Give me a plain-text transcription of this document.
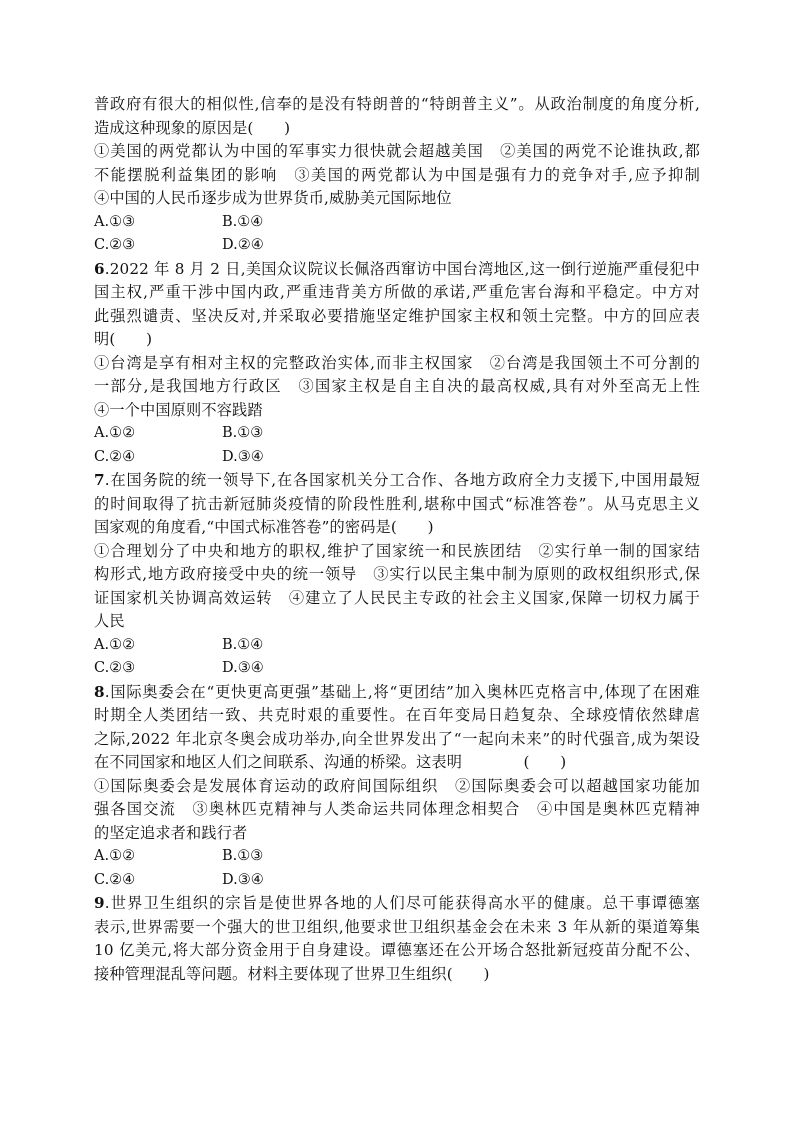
普政府有很大的相似性,信奉的是没有特朗普的“特朗普主义”。从政治制度的角度分析,
造成这种现象的原因是(　　)
①美国的两党都认为中国的军事实力很快就会超越美国　②美国的两党不论谁执政,都
不能摆脱利益集团的影响　③美国的两党都认为中国是强有力的竞争对手,应予抑制
④中国的人民币逐步成为世界货币,威胁美元国际地位
A.①③	B.①④
C.②③	D.②④
6.2022 年 8 月 2 日,美国众议院议长佩洛西窜访中国台湾地区,这一倒行逆施严重侵犯中
国主权,严重干涉中国内政,严重违背美方所做的承诺,严重危害台海和平稳定。中方对
此强烈谴责、坚决反对,并采取必要措施坚定维护国家主权和领土完整。中方的回应表
明(　　)
①台湾是享有相对主权的完整政治实体,而非主权国家　②台湾是我国领土不可分割的
一部分,是我国地方行政区　③国家主权是自主自决的最高权威,具有对外至高无上性
④一个中国原则不容践踏
A.①②	B.①③
C.②④	D.③④
7.在国务院的统一领导下,在各国家机关分工合作、各地方政府全力支援下,中国用最短
的时间取得了抗击新冠肺炎疫情的阶段性胜利,堪称中国式“标准答卷”。从马克思主义
国家观的角度看,“中国式标准答卷”的密码是(　　)
①合理划分了中央和地方的职权,维护了国家统一和民族团结　②实行单一制的国家结
构形式,地方政府接受中央的统一领导　③实行以民主集中制为原则的政权组织形式,保
证国家机关协调高效运转　④建立了人民民主专政的社会主义国家,保障一切权力属于
人民
A.①②	B.①④
C.②③	D.③④
8.国际奥委会在“更快更高更强”基础上,将“更团结”加入奥林匹克格言中,体现了在困难
时期全人类团结一致、共克时艰的重要性。在百年变局日趋复杂、全球疫情依然肆虐
之际,2022 年北京冬奥会成功举办,向全世界发出了“一起向未来”的时代强音,成为架设
在不同国家和地区人们之间联系、沟通的桥梁。这表明　　　　(　　)
①国际奥委会是发展体育运动的政府间国际组织　②国际奥委会可以超越国家功能加
强各国交流　③奥林匹克精神与人类命运共同体理念相契合　④中国是奥林匹克精神
的坚定追求者和践行者
A.①②	B.①③
C.②④	D.③④
9.世界卫生组织的宗旨是使世界各地的人们尽可能获得高水平的健康。总干事谭德塞
表示,世界需要一个强大的世卫组织,他要求世卫组织基金会在未来 3 年从新的渠道筹集
10 亿美元,将大部分资金用于自身建设。谭德塞还在公开场合怒批新冠疫苗分配不公、
接种管理混乱等问题。材料主要体现了世界卫生组织(　　)
